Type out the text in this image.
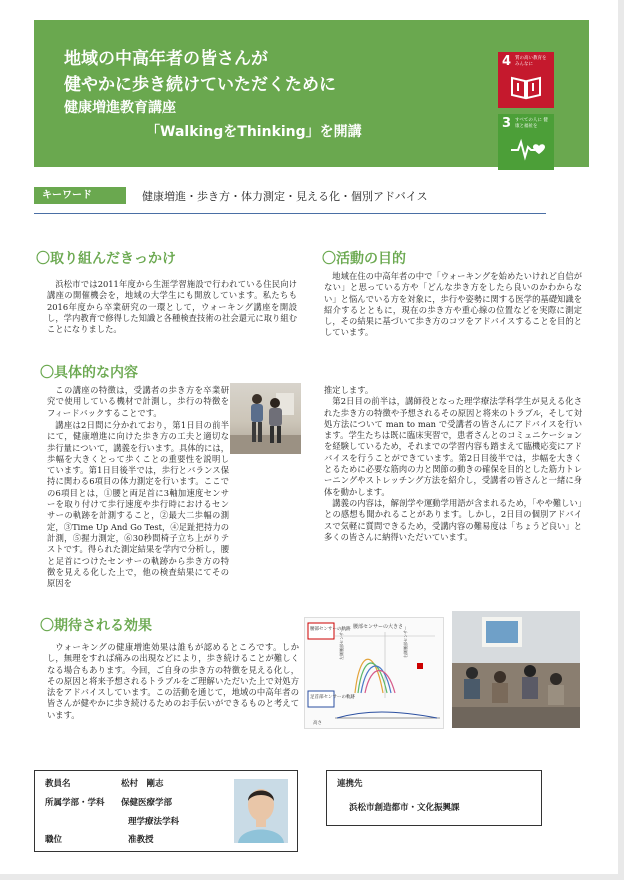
地域の中高年者の皆さんが
健やかに歩き続けていただくために
健康増進教育講座
「WalkingをThinking」を開講
4 質の高い教育を みんなに
3 すべての人に 健康と福祉を
キーワード	健康増進・歩き方・体力測定・見える化・個別アドバイス
〇取り組んだきっかけ

浜松市では2011年度から生涯学習施設で行われている住民向け講座の開催機会を，地域の大学生にも開放しています。私たちも2016年度から卒業研究の一環として，ウォーキング講座を開設し，学内教育で修得した知識と各種検査技術の社会還元に取り組むことになりました。

〇活動の目的

地域在住の中高年者の中で「ウォーキングを始めたいけれど自信がない」と思っている方や「どんな歩き方をしたら良いのかわからない」と悩んでいる方を対象に，歩行や姿勢に関する医学的基礎知識を紹介するとともに，現在の歩き方や重心線の位置などを実際に測定し，その結果に基づいて歩き方のコツをアドバイスすることを目的としています。

〇具体的な内容

この講座の特徴は，受講者の歩き方を卒業研究で使用している機材で計測し，歩行の特徴をフィードバックすることです。

講座は2日間に分かれており，第1日目の前半にて，健康増進に向けた歩き方の工夫と適切な歩行量について，講義を行います。具体的には，歩幅を大きくとって歩くことの重要性を説明しています。第1日目後半では，歩行とバランス保持に関わる6項目の体力測定を行います。ここでの6項目とは，①腰と両足首に3軸加速度センサーを取り付けて歩行速度や歩行時におけるセンサーの軌跡を計測すること，②最大二歩幅の測定，③Time Up And Go Test，④足趾把持力の計測，⑤握力測定，⑥30秒間椅子立ち上がりテストです。得られた測定結果を学内で分析し，腰と足首につけたセンサーの軌跡から歩き方の特徴を見える化した上で，他の検査結果にてその原因を

推定します。

第2日目の前半は，講師役となった理学療法学科学生が見える化された歩き方の特徴や予想されるその原因と将来のトラブル，そして対処方法について man to man で受講者の皆さんにアドバイスを行います。学生たちは既に臨床実習で，患者さんとのコミュニケーションを経験しているため，それまでの学習内容も踏まえて臨機応変にアドバイスを行うことができています。第2日目後半では，歩幅を大きくとるために必要な筋肉の力と関節の動きの確保を目的とした筋力トレーニングやストレッチング方法を紹介し，受講者の皆さんと一緒に身体を動かします。

講義の内容は，解剖学や運動学用語が含まれるため，「やや難しい」との感想も聞かれることがあります。しかし，2日目の個別アドバイスで気軽に質問できるため，受講内容の難易度は「ちょうど良い」と多くの皆さんに納得いただいています。

〇期待される効果

ウォーキングの健康増進効果は誰もが認めるところです。しかし，無理をすれば痛みの出現などにより，歩き続けることが難しくなる場合もあります。今回，ご自身の歩き方の特徴を見える化し，その原因と将来予想されるトラブルをご理解いただいた上で対処方法をアドバイスしています。この活動を通じて，地域の中高年者の皆さんが健やかに歩き続けるためのお手伝いができるものと考えています。

腰部センサーの大きさ
腰部センサーの軌跡
左側腰部センサー	右側腰部センサー
足首部センサーの軌跡
高さ
教員名	松村　剛志
所属学部・学科 保健医療学部
理学療法学科
職位	准教授
連携先
浜松市創造都市・文化振興課
